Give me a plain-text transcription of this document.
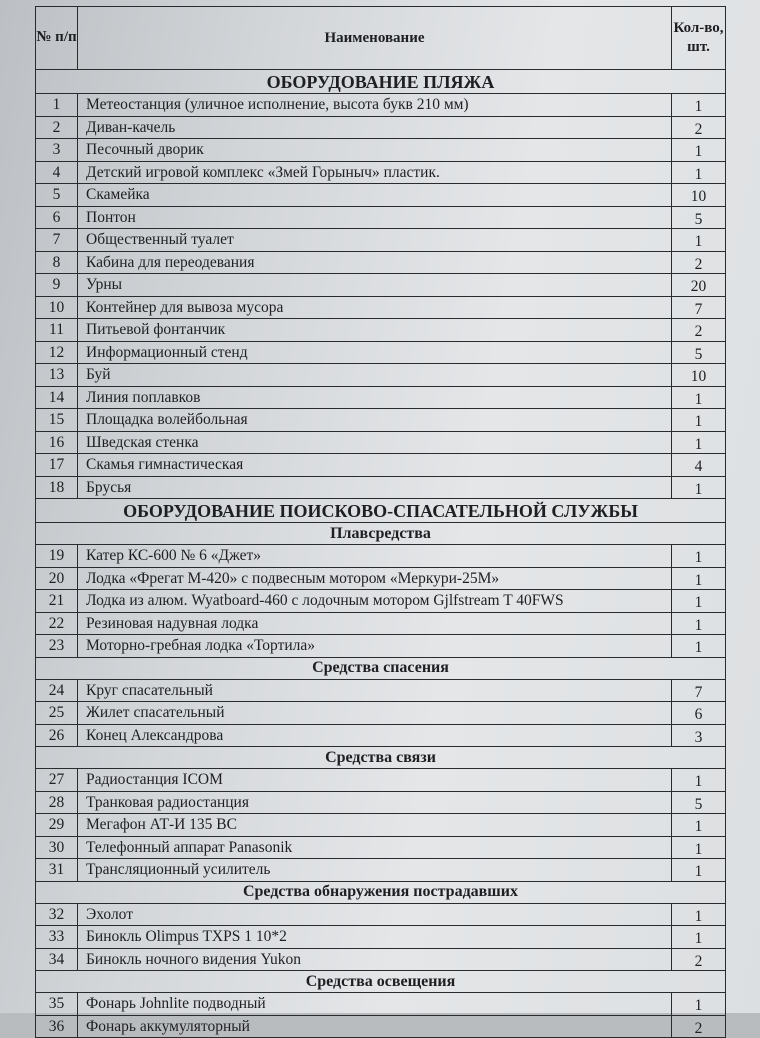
№ п/п	Наименование	Кол-во, шт.
ОБОРУДОВАНИЕ ПЛЯЖА		
1	Метеостанция (уличное исполнение, высота букв 210 мм)	1
2	Диван-качель	2
3	Песочный дворик	1
4	Детский игровой комплекс «Змей Горыныч» пластик.	1
5	Скамейка	10
6	Понтон	5
7	Общественный туалет	1
8	Кабина для переодевания	2
9	Урны	20
10	Контейнер для вывоза мусора	7
11	Питьевой фонтанчик	2
12	Информационный стенд	5
13	Буй	10
14	Линия поплавков	1
15	Площадка волейбольная	1
16	Шведская стенка	1
17	Скамья гимнастическая	4
18	Брусья	1
ОБОРУДОВАНИЕ ПОИСКОВО-СПАСАТЕЛЬНОЙ СЛУЖБЫ		
Плавсредства		
19	Катер КС-600 № 6 «Джет»	1
20	Лодка «Фрегат М-420» с подвесным мотором «Меркури-25М»	1
21	Лодка из алюм. Wyatboard-460 с лодочным мотором Gjlfstream T 40FWS	1
22	Резиновая надувная лодка	1
23	Моторно-гребная лодка «Тортила»	1
Средства спасения		
24	Круг спасательный	7
25	Жилет спасательный	6
26	Конец Александрова	3
Средства связи		
27	Радиостанция ICOM	1
28	Транковая радиостанция	5
29	Мегафон АТ-И 135 ВС	1
30	Телефонный аппарат Panasonik	1
31	Трансляционный усилитель	1
Средства обнаружения пострадавших		
32	Эхолот	1
33	Бинокль Olimpus TXPS 1 10*2	1
34	Бинокль ночного видения Yukon	2
Средства освещения		
35	Фонарь Johnlite подводный	1
36	Фонарь аккумуляторный	2
